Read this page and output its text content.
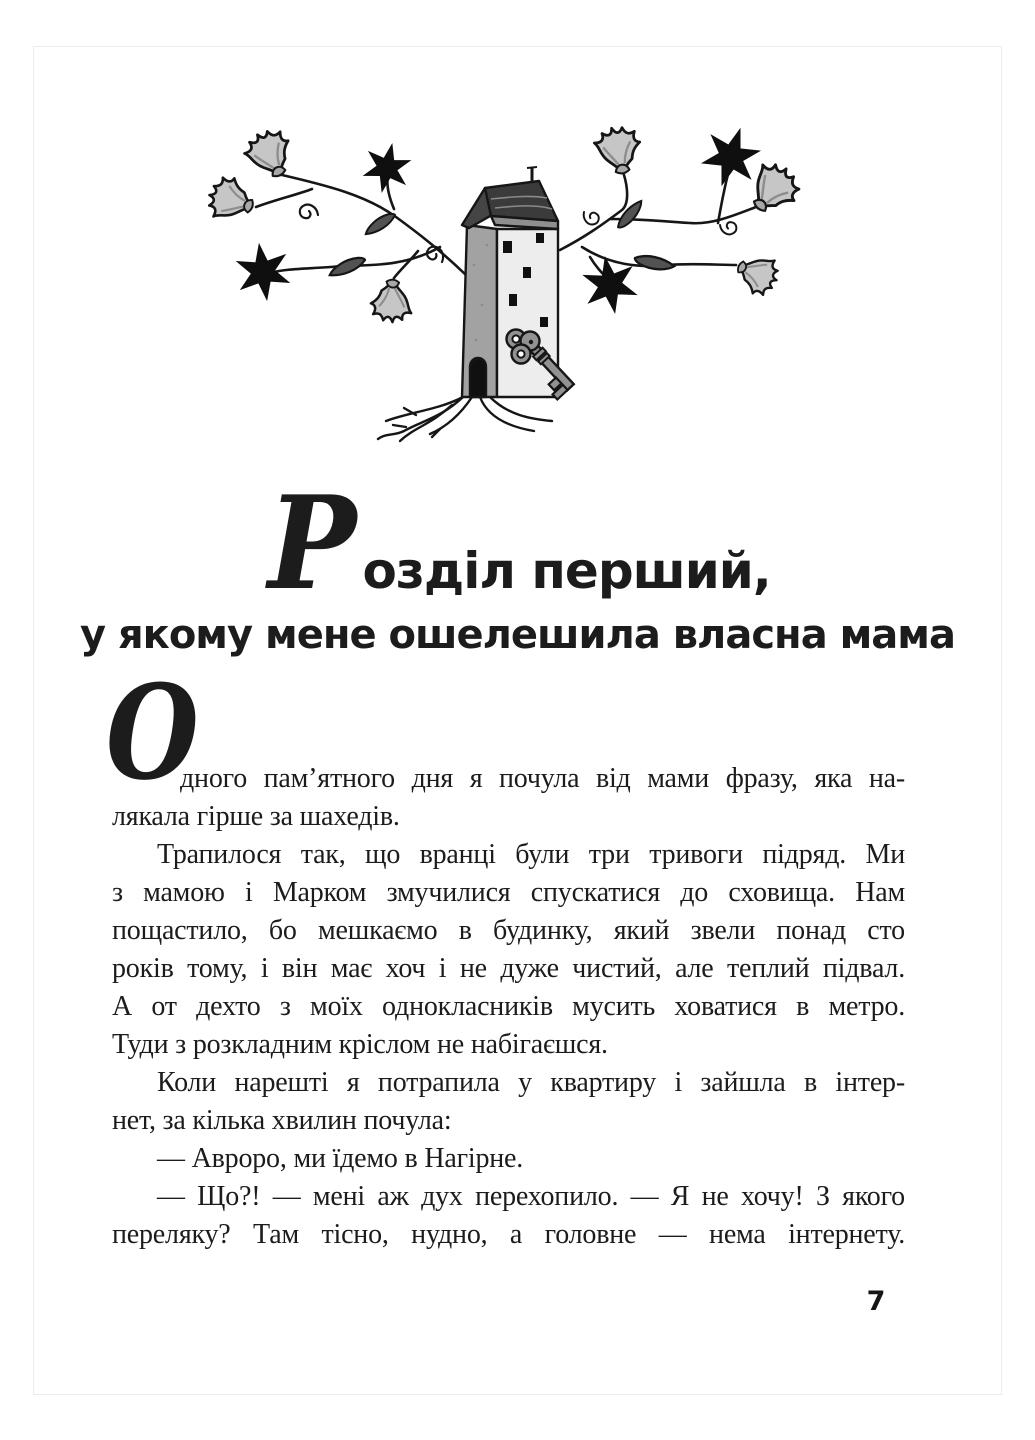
Р озділ перший,
у якому мене ошелешила власна мама
О
дного пам’ятного дня я почула від мами фразу, яка на-
лякала гірше за шахедів.
Трапилося так, що вранці були три тривоги підряд. Ми
з мамою і Марком змучилися спускатися до сховища. Нам
пощастило, бо мешкаємо в будинку, який звели понад сто
років тому, і він має хоч і не дуже чистий, але теплий підвал.
А от дехто з моїх однокласників мусить ховатися в метро.
Туди з розкладним кріслом не набігаєшся.
Коли нарешті я потрапила у квартиру і зайшла в інтер-
нет, за кілька хвилин почула:
— Авроро, ми їдемо в Нагірне.
— Що?! — мені аж дух перехопило. — Я не хочу! З якого
переляку? Там тісно, нудно, а головне — нема інтернету.
7
